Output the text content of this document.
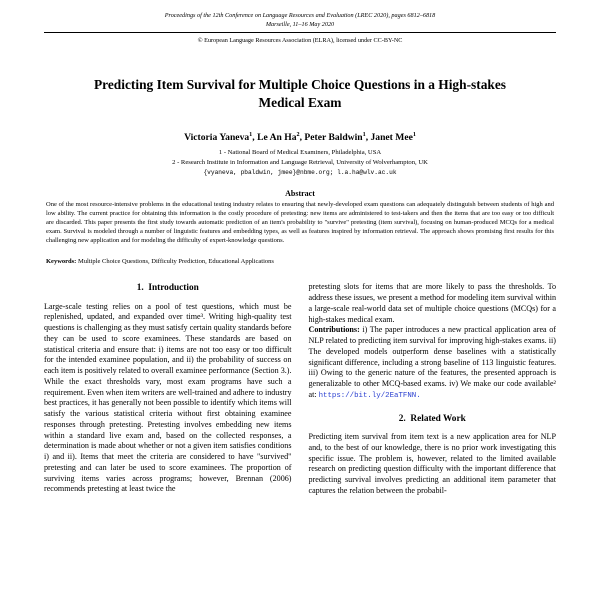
Proceedings of the 12th Conference on Language Resources and Evaluation (LREC 2020), pages 6812–6818
Marseille, 11–16 May 2020
© European Language Resources Association (ELRA), licensed under CC-BY-NC
Predicting Item Survival for Multiple Choice Questions in a High-stakes Medical Exam
Victoria Yaneva$^1$, Le An Ha$^2$, Peter Baldwin$^1$, Janet Mee$^1$
1 - National Board of Medical Examiners, Philadelphia, USA
2 - Research Institute in Information and Language Retrieval, University of Wolverhampton, UK
{vyaneva, pbaldwin, jmee}@nbme.org; l.a.ha@wlv.ac.uk
Abstract
One of the most resource-intensive problems in the educational testing industry relates to ensuring that newly-developed exam questions can adequately distinguish between students of high and low ability. The current practice for obtaining this information is the costly procedure of pretesting: new items are administered to test-takers and then the items that are too easy or too difficult are discarded. This paper presents the first study towards automatic prediction of an item's probability to "survive" pretesting (item survival), focusing on human-produced MCQs for a medical exam. Survival is modeled through a number of linguistic features and embedding types, as well as features inspired by information retrieval. The approach shows promising first results for this challenging new application and for modeling the difficulty of expert-knowledge questions.
Keywords: Multiple Choice Questions, Difficulty Prediction, Educational Applications
1. Introduction

Large-scale testing relies on a pool of test questions, which must be replenished, updated, and expanded over time³. Writing high-quality test questions is challenging as they must satisfy certain quality standards before they can be used to score examinees. These standards are based on statistical criteria and ensure that: i) items are not too easy or too difficult for the intended examinee population, and ii) the probability of success on each item is positively related to overall examinee performance (Section 3.). While the exact thresholds vary, most exam programs have such a requirement. Even when item writers are well-trained and adhere to industry best practices, it has generally not been possible to identify which items will satisfy the various statistical criteria without first obtaining examinee responses through pretesting. Pretesting involves embedding new items within a standard live exam and, based on the collected responses, a determination is made about whether or not a given item satisfies conditions i) and ii). Items that meet the criteria are considered to have "survived" pretesting and can later be used to score examinees. The proportion of surviving items varies across programs; however, Brennan (2006) recommends pretesting at least twice the

pretesting slots for items that are more likely to pass the thresholds. To address these issues, we present a method for modeling item survival within a large-scale real-world data set of multiple choice questions (MCQs) for a high-stakes medical exam.

Contributions: i) The paper introduces a new practical application area of NLP related to predicting item survival for improving high-stakes exams. ii) The developed models outperform dense baselines with a statistically significant difference, including a strong baseline of 113 linguistic features. iii) Owing to the generic nature of the features, the presented approach is generalizable to other MCQ-based exams. iv) We make our code available² at: https://bit.ly/2EaTFNN.

2. Related Work

Predicting item survival from item text is a new application area for NLP and, to the best of our knowledge, there is no prior work investigating this specific issue. The problem is, however, related to the limited available research on predicting question difficulty with the important difference that predicting survival involves predicting an additional item parameter that captures the relation between the probabil-
